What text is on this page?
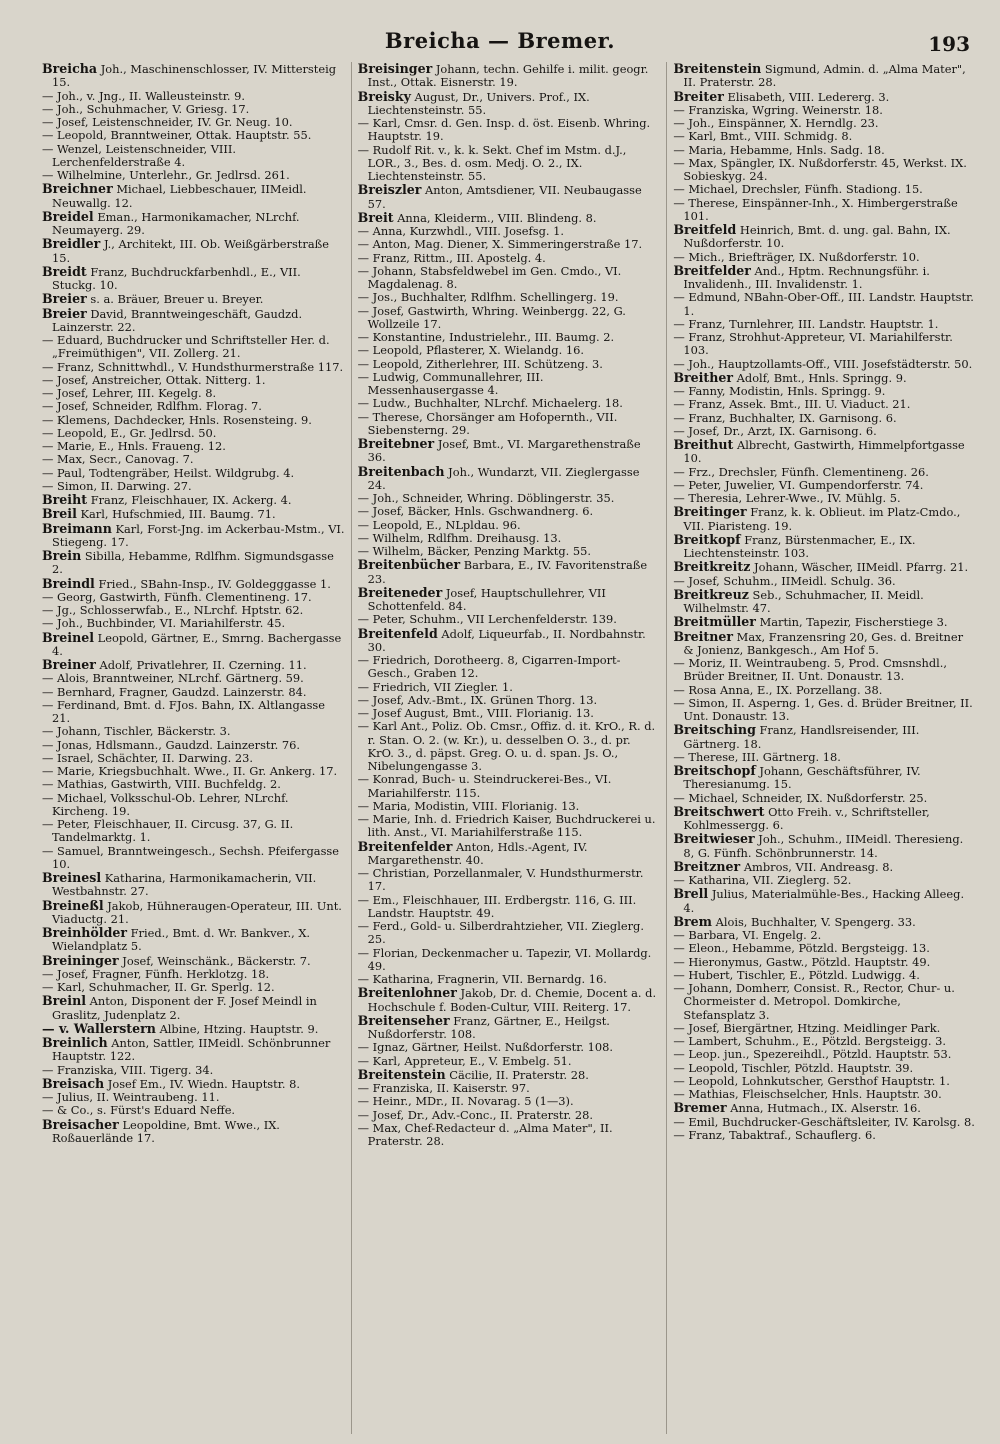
Breicha — Bremer.	193

Breicha Joh., Maschinenschlosser, IV. Mittersteig 15.

— Joh., v. Jng., II. Walleusteinstr. 9.

— Joh., Schuhmacher, V. Griesg. 17.

— Josef, Leistenschneider, IV. Gr. Neug. 10.

— Leopold, Branntweiner, Ottak. Hauptstr. 55.

— Wenzel, Leistenschneider, VIII. Lerchenfelderstraße 4.

— Wilhelmine, Unterlehr., Gr. Jedlrsd. 261.

Breichner Michael, Liebbeschauer, IIMeidl. Neuwallg. 12.

Breidel Eman., Harmonikamacher, NLrchf. Neumayerg. 29.

Breidler J., Architekt, III. Ob. Weißgärberstraße 15.

Breidt Franz, Buchdruckfarbenhdl., E., VII. Stuckg. 10.

Breier s. a. Bräuer, Breuer u. Breyer.

Breier David, Branntweingeschäft, Gaudzd. Lainzerstr. 22.

— Eduard, Buchdrucker und Schriftsteller Her. d. „Freimüthigen", VII. Zollerg. 21.

— Franz, Schnittwhdl., V. Hundsthurmerstraße 117.

— Josef, Anstreicher, Ottak. Nitterg. 1.

— Josef, Lehrer, III. Kegelg. 8.

— Josef, Schneider, Rdlfhm. Florag. 7.

— Klemens, Dachdecker, Hnls. Rosensteing. 9.

— Leopold, E., Gr. Jedlrsd. 50.

— Marie, E., Hnls. Fraueng. 12.

— Max, Secr., Canovag. 7.

— Paul, Todtengräber, Heilst. Wildgrubg. 4.

— Simon, II. Darwing. 27.

Breiht Franz, Fleischhauer, IX. Ackerg. 4.

Breil Karl, Hufschmied, III. Baumg. 71.

Breimann Karl, Forst-Jng. im Ackerbau-Mstm., VI. Stiegeng. 17.

Brein Sibilla, Hebamme, Rdlfhm. Sigmundsgasse 2.

Breindl Fried., SBahn-Insp., IV. Goldegggasse 1.

— Georg, Gastwirth, Fünfh. Clementineng. 17.

— Jg., Schlosserwfab., E., NLrchf. Hptstr. 62.

— Joh., Buchbinder, VI. Mariahilferstr. 45.

Breinel Leopold, Gärtner, E., Smrng. Bachergasse 4.

Breiner Adolf, Privatlehrer, II. Czerning. 11.

— Alois, Branntweiner, NLrchf. Gärtnerg. 59.

— Bernhard, Fragner, Gaudzd. Lainzerstr. 84.

— Ferdinand, Bmt. d. FJos. Bahn, IX. Altlangasse 21.

— Johann, Tischler, Bäckerstr. 3.

— Jonas, Hdlsmann., Gaudzd. Lainzerstr. 76.

— Israel, Schächter, II. Darwing. 23.

— Marie, Kriegsbuchhalt. Wwe., II. Gr. Ankerg. 17.

— Mathias, Gastwirth, VIII. Buchfeldg. 2.

— Michael, Volksschul-Ob. Lehrer, NLrchf. Kircheng. 19.

— Peter, Fleischhauer, II. Circusg. 37, G. II. Tandelmarktg. 1.

— Samuel, Branntweingesch., Sechsh. Pfeifergasse 10.

Breinesl Katharina, Harmonikamacherin, VII. Westbahnstr. 27.

Breineßl Jakob, Hühneraugen-Operateur, III. Unt. Viaductg. 21.

Breinhölder Fried., Bmt. d. Wr. Bankver., X. Wielandplatz 5.

Breininger Josef, Weinschänk., Bäckerstr. 7.

— Josef, Fragner, Fünfh. Herklotzg. 18.

— Karl, Schuhmacher, II. Gr. Sperlg. 12.

Breinl Anton, Disponent der F. Josef Meindl in Graslitz, Judenplatz 2.

— v. Wallerstern Albine, Htzing. Hauptstr. 9.

Breinlich Anton, Sattler, IIMeidl. Schönbrunner Hauptstr. 122.

— Franziska, VIII. Tigerg. 34.

Breisach Josef Em., IV. Wiedn. Hauptstr. 8.

— Julius, II. Weintraubeng. 11.

— & Co., s. Fürst's Eduard Neffe.

Breisacher Leopoldine, Bmt. Wwe., IX. Roßauerlände 17.

Breisinger Johann, techn. Gehilfe i. milit. geogr. Inst., Ottak. Eisnerstr. 19.

Breisky August, Dr., Univers. Prof., IX. Liechtensteinstr. 55.

— Karl, Cmsr. d. Gen. Insp. d. öst. Eisenb. Whring. Hauptstr. 19.

— Rudolf Rit. v., k. k. Sekt. Chef im Mstm. d.J., LOR., 3., Bes. d. osm. Medj. O. 2., IX. Liechtensteinstr. 55.

Breiszler Anton, Amtsdiener, VII. Neubaugasse 57.

Breit Anna, Kleiderm., VIII. Blindeng. 8.

— Anna, Kurzwhdl., VIII. Josefsg. 1.

— Anton, Mag. Diener, X. Simmeringerstraße 17.

— Franz, Rittm., III. Apostelg. 4.

— Johann, Stabsfeldwebel im Gen. Cmdo., VI. Magdalenag. 8.

— Jos., Buchhalter, Rdlfhm. Schellingerg. 19.

— Josef, Gastwirth, Whring. Weinbergg. 22, G. Wollzeile 17.

— Konstantine, Industrielehr., III. Baumg. 2.

— Leopold, Pflasterer, X. Wielandg. 16.

— Leopold, Zitherlehrer, III. Schützeng. 3.

— Ludwig, Communallehrer, III. Messenhausergasse 4.

— Ludw., Buchhalter, NLrchf. Michaelerg. 18.

— Therese, Chorsänger am Hofopernth., VII. Siebensterng. 29.

Breitebner Josef, Bmt., VI. Margarethenstraße 36.

Breitenbach Joh., Wundarzt, VII. Zieglergasse 24.

— Joh., Schneider, Whring. Döblingerstr. 35.

— Josef, Bäcker, Hnls. Gschwandnerg. 6.

— Leopold, E., NLpldau. 96.

— Wilhelm, Rdlfhm. Dreihausg. 13.

— Wilhelm, Bäcker, Penzing Marktg. 55.

Breitenbücher Barbara, E., IV. Favoritenstraße 23.

Breiteneder Josef, Hauptschullehrer, VII Schottenfeld. 84.

— Peter, Schuhm., VII Lerchenfelderstr. 139.

Breitenfeld Adolf, Liqueurfab., II. Nordbahnstr. 30.

— Friedrich, Dorotheerg. 8, Cigarren-Import-Gesch., Graben 12.

— Friedrich, VII Ziegler. 1.

— Josef, Adv.-Bmt., IX. Grünen Thorg. 13.

— Josef August, Bmt., VIII. Florianig. 13.

— Karl Ant., Poliz. Ob. Cmsr., Offiz. d. it. KrO., R. d. r. Stan. O. 2. (w. Kr.), u. desselben O. 3., d. pr. KrO. 3., d. päpst. Greg. O. u. d. span. Js. O., Nibelungengasse 3.

— Konrad, Buch- u. Steindruckerei-Bes., VI. Mariahilferstr. 115.

— Maria, Modistin, VIII. Florianig. 13.

— Marie, Inh. d. Friedrich Kaiser, Buchdruckerei u. lith. Anst., VI. Mariahilferstraße 115.

Breitenfelder Anton, Hdls.-Agent, IV. Margarethenstr. 40.

— Christian, Porzellanmaler, V. Hundsthurmerstr. 17.

— Em., Fleischhauer, III. Erdbergstr. 116, G. III. Landstr. Hauptstr. 49.

— Ferd., Gold- u. Silberdrahtzieher, VII. Zieglerg. 25.

— Florian, Deckenmacher u. Tapezir, VI. Mollardg. 49.

— Katharina, Fragnerin, VII. Bernardg. 16.

Breitenlohner Jakob, Dr. d. Chemie, Docent a. d. Hochschule f. Boden-Cultur, VIII. Reiterg. 17.

Breitenseher Franz, Gärtner, E., Heilgst. Nußdorferstr. 108.

— Ignaz, Gärtner, Heilst. Nußdorferstr. 108.

— Karl, Appreteur, E., V. Embelg. 51.

Breitenstein Cäcilie, II. Praterstr. 28.

— Franziska, II. Kaiserstr. 97.

— Heinr., MDr., II. Novarag. 5 (1—3).

— Josef, Dr., Adv.-Conc., II. Praterstr. 28.

— Max, Chef-Redacteur d. „Alma Mater", II. Praterstr. 28.

Breitenstein Sigmund, Admin. d. „Alma Mater", II. Praterstr. 28.

Breiter Elisabeth, VIII. Ledererg. 3.

— Franziska, Wgring. Weinerstr. 18.

— Joh., Einspänner, X. Herndlg. 23.

— Karl, Bmt., VIII. Schmidg. 8.

— Maria, Hebamme, Hnls. Sadg. 18.

— Max, Spängler, IX. Nußdorferstr. 45, Werkst. IX. Sobieskyg. 24.

— Michael, Drechsler, Fünfh. Stadiong. 15.

— Therese, Einspänner-Inh., X. Himbergerstraße 101.

Breitfeld Heinrich, Bmt. d. ung. gal. Bahn, IX. Nußdorferstr. 10.

— Mich., Briefträger, IX. Nußdorferstr. 10.

Breitfelder And., Hptm. Rechnungsführ. i. Invalidenh., III. Invalidenstr. 1.

— Edmund, NBahn-Ober-Off., III. Landstr. Hauptstr. 1.

— Franz, Turnlehrer, III. Landstr. Hauptstr. 1.

— Franz, Strohhut-Appreteur, VI. Mariahilferstr. 103.

— Joh., Hauptzollamts-Off., VIII. Josefstädterstr. 50.

Breither Adolf, Bmt., Hnls. Springg. 9.

— Fanny, Modistin, Hnls. Springg. 9.

— Franz, Assek. Bmt., III. U. Viaduct. 21.

— Franz, Buchhalter, IX. Garnisong. 6.

— Josef, Dr., Arzt, IX. Garnisong. 6.

Breithut Albrecht, Gastwirth, Himmelpfortgasse 10.

— Frz., Drechsler, Fünfh. Clementineng. 26.

— Peter, Juwelier, VI. Gumpendorferstr. 74.

— Theresia, Lehrer-Wwe., IV. Mühlg. 5.

Breitinger Franz, k. k. Oblieut. im Platz-Cmdo., VII. Piaristeng. 19.

Breitkopf Franz, Bürstenmacher, E., IX. Liechtensteinstr. 103.

Breitkreitz Johann, Wäscher, IIMeidl. Pfarrg. 21.

— Josef, Schuhm., IIMeidl. Schulg. 36.

Breitkreuz Seb., Schuhmacher, II. Meidl. Wilhelmstr. 47.

Breitmüller Martin, Tapezir, Fischerstiege 3.

Breitner Max, Franzensring 20, Ges. d. Breitner & Jonienz, Bankgesch., Am Hof 5.

— Moriz, II. Weintraubeng. 5, Prod. Cmsnshdl., Brüder Breitner, II. Unt. Donaustr. 13.

— Rosa Anna, E., IX. Porzellang. 38.

— Simon, II. Asperng. 1, Ges. d. Brüder Breitner, II. Unt. Donaustr. 13.

Breitsching Franz, Handlsreisender, III. Gärtnerg. 18.

— Therese, III. Gärtnerg. 18.

Breitschopf Johann, Geschäftsführer, IV. Theresianumg. 15.

— Michael, Schneider, IX. Nußdorferstr. 25.

Breitschwert Otto Freih. v., Schriftsteller, Kohlmessergg. 6.

Breitwieser Joh., Schuhm., IIMeidl. Theresieng. 8, G. Fünfh. Schönbrunnerstr. 14.

Breitzner Ambros, VII. Andreasg. 8.

— Katharina, VII. Zieglerg. 52.

Brell Julius, Materialmühle-Bes., Hacking Alleeg. 4.

Brem Alois, Buchhalter, V. Spengerg. 33.

— Barbara, VI. Engelg. 2.

— Eleon., Hebamme, Pötzld. Bergsteigg. 13.

— Hieronymus, Gastw., Pötzld. Hauptstr. 49.

— Hubert, Tischler, E., Pötzld. Ludwigg. 4.

— Johann, Domherr, Consist. R., Rector, Chur- u. Chormeister d. Metropol. Domkirche, Stefansplatz 3.

— Josef, Biergärtner, Htzing. Meidlinger Park.

— Lambert, Schuhm., E., Pötzld. Bergsteigg. 3.

— Leop. jun., Spezereihdl., Pötzld. Hauptstr. 53.

— Leopold, Tischler, Pötzld. Hauptstr. 39.

— Leopold, Lohnkutscher, Gersthof Hauptstr. 1.

— Mathias, Fleischselcher, Hnls. Hauptstr. 30.

Bremer Anna, Hutmach., IX. Alserstr. 16.

— Emil, Buchdrucker-Geschäftsleiter, IV. Karolsg. 8.

— Franz, Tabaktraf., Schauflerg. 6.
